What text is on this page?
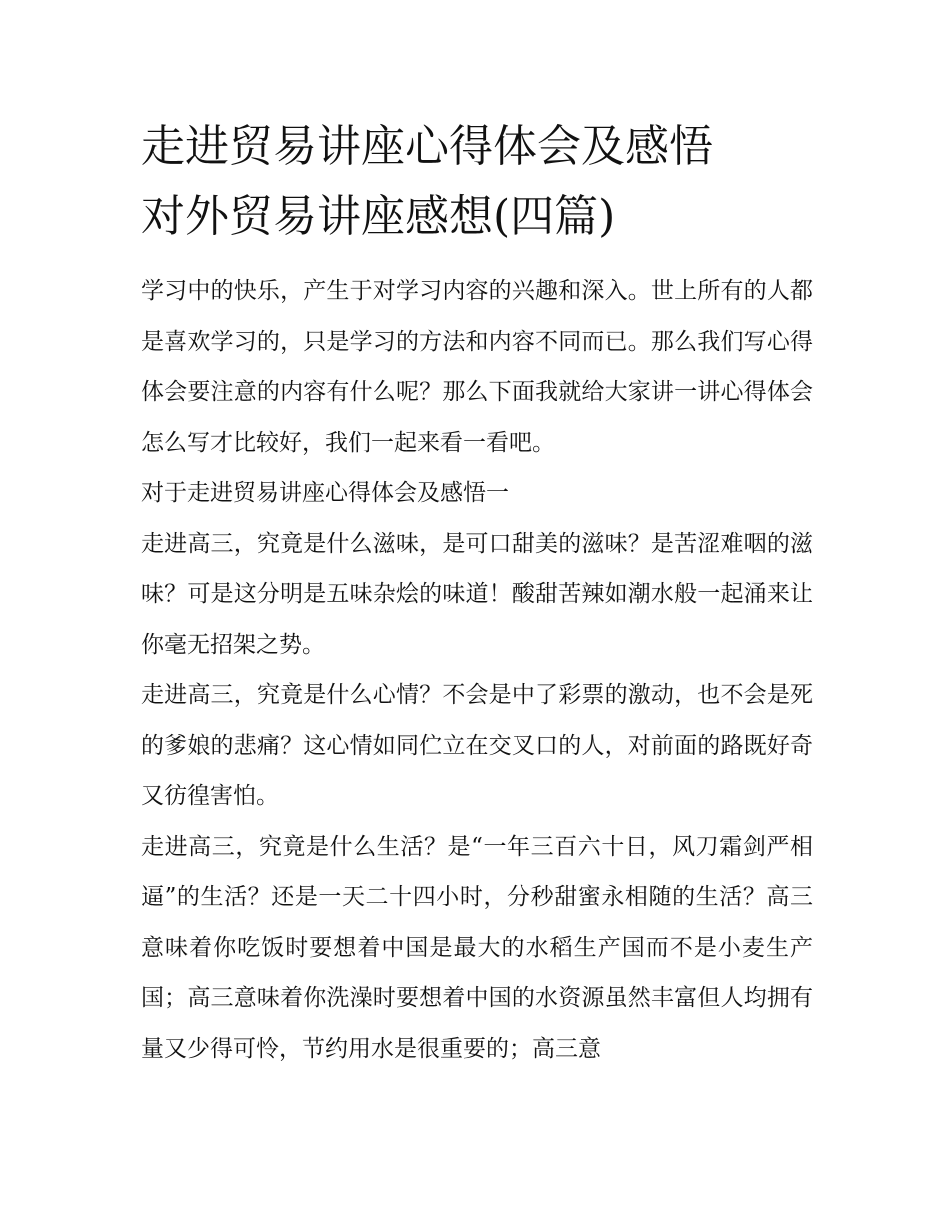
走进贸易讲座心得体会及感悟
对外贸易讲座感想(四篇)

学习中的快乐，产生于对学习内容的兴趣和深入。世上所有的人都是喜欢学习的，只是学习的方法和内容不同而已。那么我们写心得体会要注意的内容有什么呢？那么下面我就给大家讲一讲心得体会怎么写才比较好，我们一起来看一看吧。

对于走进贸易讲座心得体会及感悟一

走进高三，究竟是什么滋味，是可口甜美的滋味？是苦涩难咽的滋味？可是这分明是五味杂烩的味道！酸甜苦辣如潮水般一起涌来让你毫无招架之势。

走进高三，究竟是什么心情？不会是中了彩票的激动，也不会是死的爹娘的悲痛？这心情如同伫立在交叉口的人，对前面的路既好奇又彷徨害怕。

走进高三，究竟是什么生活？是“一年三百六十日，风刀霜剑严相逼”的生活？还是一天二十四小时，分秒甜蜜永相随的生活？高三意味着你吃饭时要想着中国是最大的水稻生产国而不是小麦生产国；高三意味着你洗澡时要想着中国的水资源虽然丰富但人均拥有量又少得可怜，节约用水是很重要的；高三意
